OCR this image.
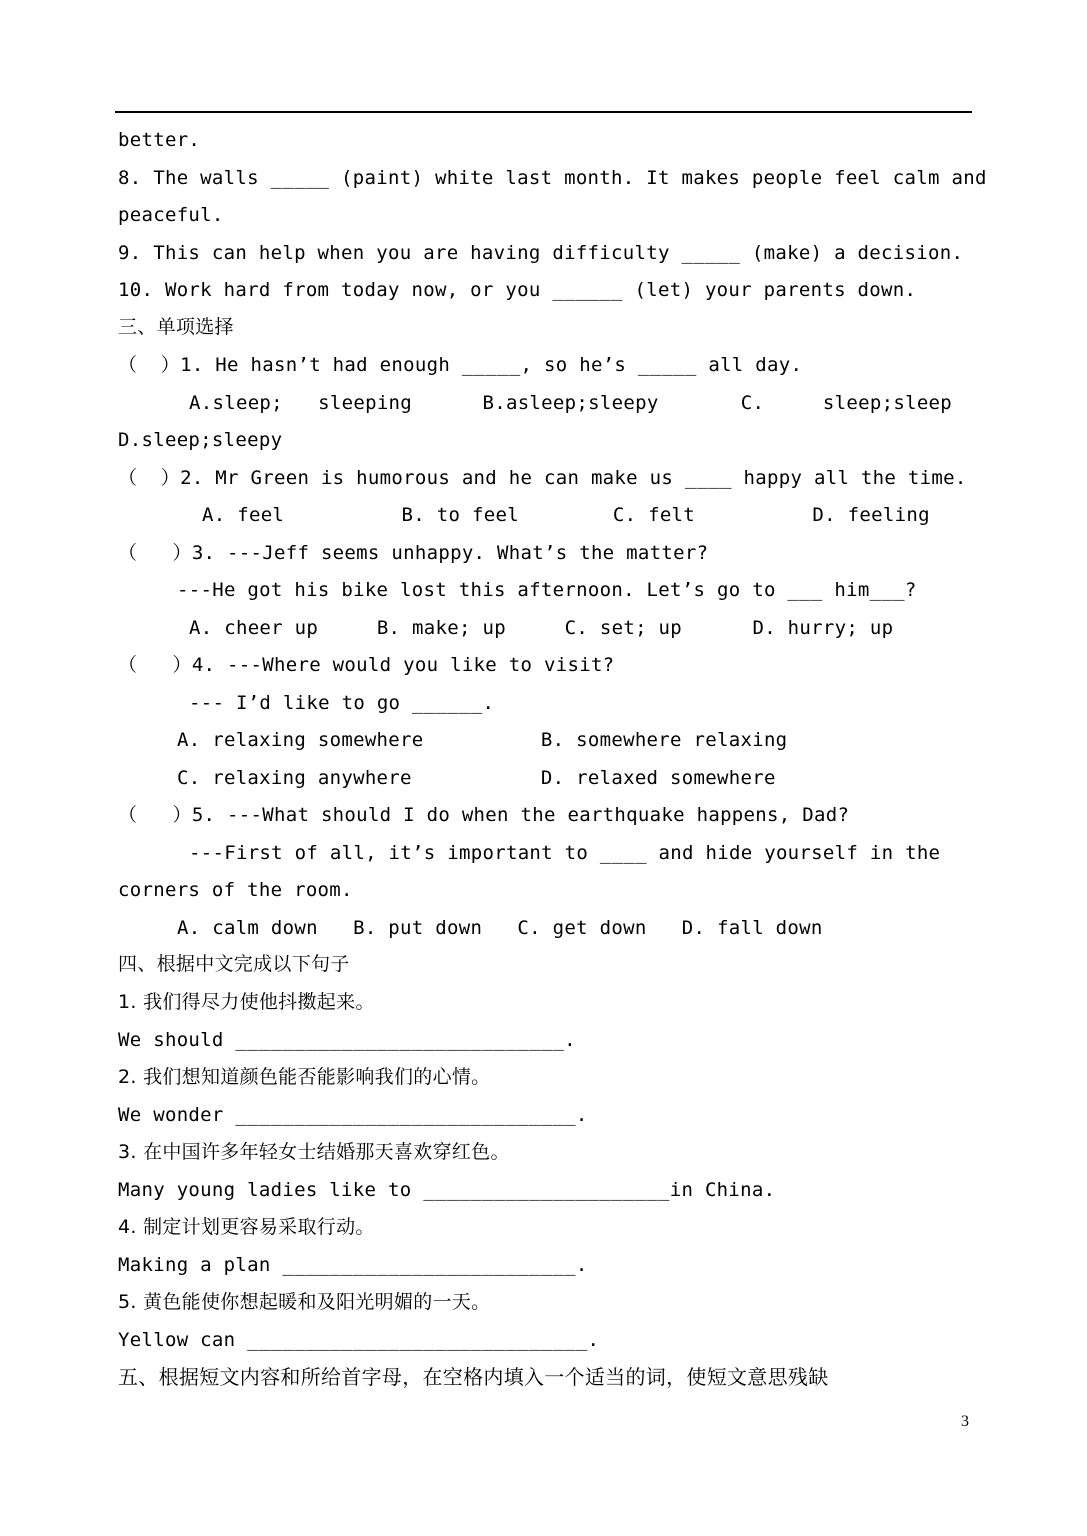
better.
8. The walls _____ (paint) white last month. It makes people feel calm and
peaceful.
9. This can help when you are having difficulty _____ (make) a decision.
10. Work hard from today now, or you ______ (let) your parents down.
三、单项选择
（  ）1. He hasn’t had enough _____, so he’s _____ all day.
A.sleep;   sleeping      B.asleep;sleepy       C.     sleep;sleep
D.sleep;sleepy
（  ）2. Mr Green is humorous and he can make us ____ happy all the time.
A. feel          B. to feel        C. felt          D. feeling
（   ）3. ---Jeff seems unhappy. What’s the matter?
---He got his bike lost this afternoon. Let’s go to ___ him___?
A. cheer up     B. make; up     C. set; up      D. hurry; up
（   ）4. ---Where would you like to visit?
--- I’d like to go ______.
A. relaxing somewhere          B. somewhere relaxing
C. relaxing anywhere           D. relaxed somewhere
（   ）5. ---What should I do when the earthquake happens, Dad?
---First of all, it’s important to ____ and hide yourself in the
corners of the room.
A. calm down   B. put down   C. get down   D. fall down
四、根据中文完成以下句子
1. 我们得尽力使他抖擞起来。
We should ____________________________.
2. 我们想知道颜色能否能影响我们的心情。
We wonder _____________________________.
3. 在中国许多年轻女士结婚那天喜欢穿红色。
Many young ladies like to _____________________in China.
4. 制定计划更容易采取行动。
Making a plan _________________________.
5. 黄色能使你想起暖和及阳光明媚的一天。
Yellow can _____________________________.
五、根据短文内容和所给首字母，在空格内填入一个适当的词，使短文意思残缺
3
